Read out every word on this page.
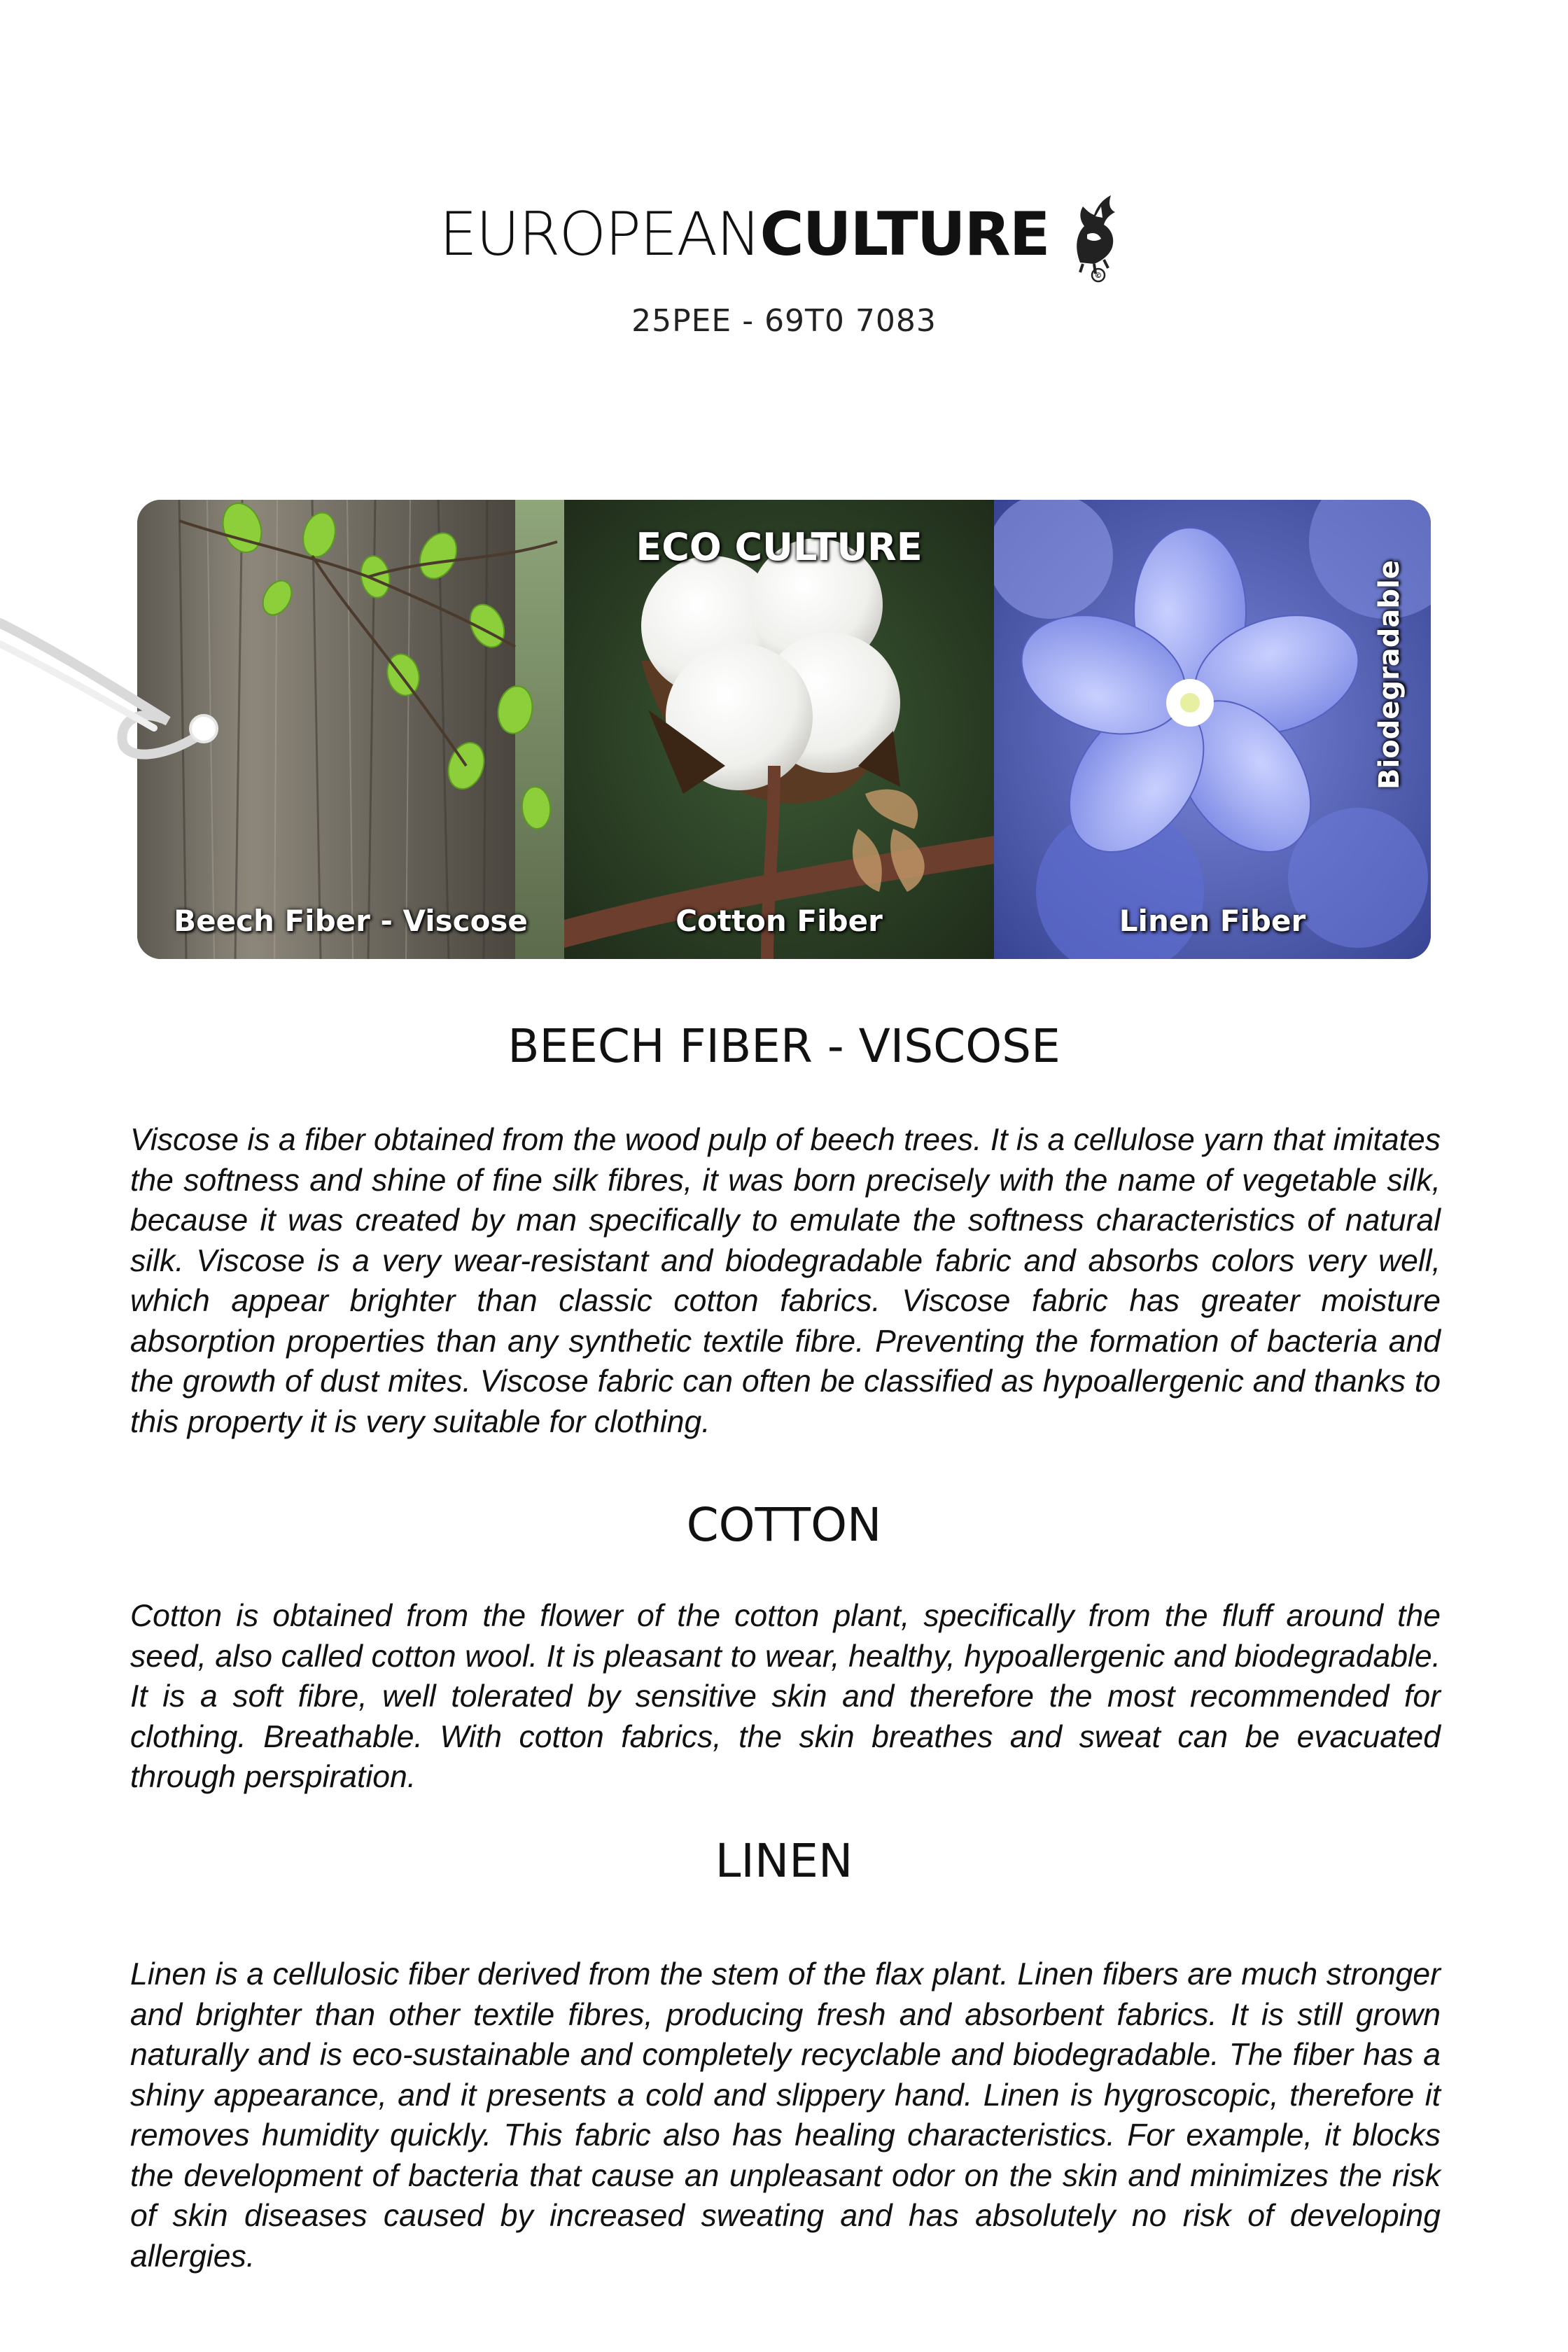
EUROPEANCULTURE
©
25PEE - 69T0 7083
Beech Fiber - Viscose
ECO CULTURE
Cotton Fiber
Biodegradable
Linen Fiber
BEECH FIBER - VISCOSE

Viscose is a fiber obtained from the wood pulp of beech trees. It is a cellulose yarn that imitates the softness and shine of fine silk fibres, it was born precisely with the name of vegetable silk, because it was created by man specifically to emulate the softness characteristics of natural silk. Viscose is a very wear-resistant and biodegradable fabric and absorbs colors very well, which appear brighter than classic cotton fabrics. Viscose fabric has greater moisture absorption properties than any synthetic textile fibre. Preventing the formation of bacteria and the growth of dust mites. Viscose fabric can often be classified as hypoallergenic and thanks to this property it is very suitable for clothing.

COTTON

Cotton is obtained from the flower of the cotton plant, specifically from the fluff around the seed, also called cotton wool. It is pleasant to wear, healthy, hypoallergenic and biodegradable. It is a soft fibre, well tolerated by sensitive skin and therefore the most recommended for clothing. Breathable. With cotton fabrics, the skin breathes and sweat can be evacuated through perspiration.

LINEN

Linen is a cellulosic fiber derived from the stem of the flax plant. Linen fibers are much stronger and brighter than other textile fibres, producing fresh and absorbent fabrics. It is still grown naturally and is eco-sustainable and completely recyclable and biodegradable. The fiber has a shiny appearance, and it presents a cold and slippery hand. Linen is hygroscopic, therefore it removes humidity quickly. This fabric also has healing characteristics. For example, it blocks the development of bacteria that cause an unpleasant odor on the skin and minimizes the risk of skin diseases caused by increased sweating and has absolutely no risk of developing allergies.
